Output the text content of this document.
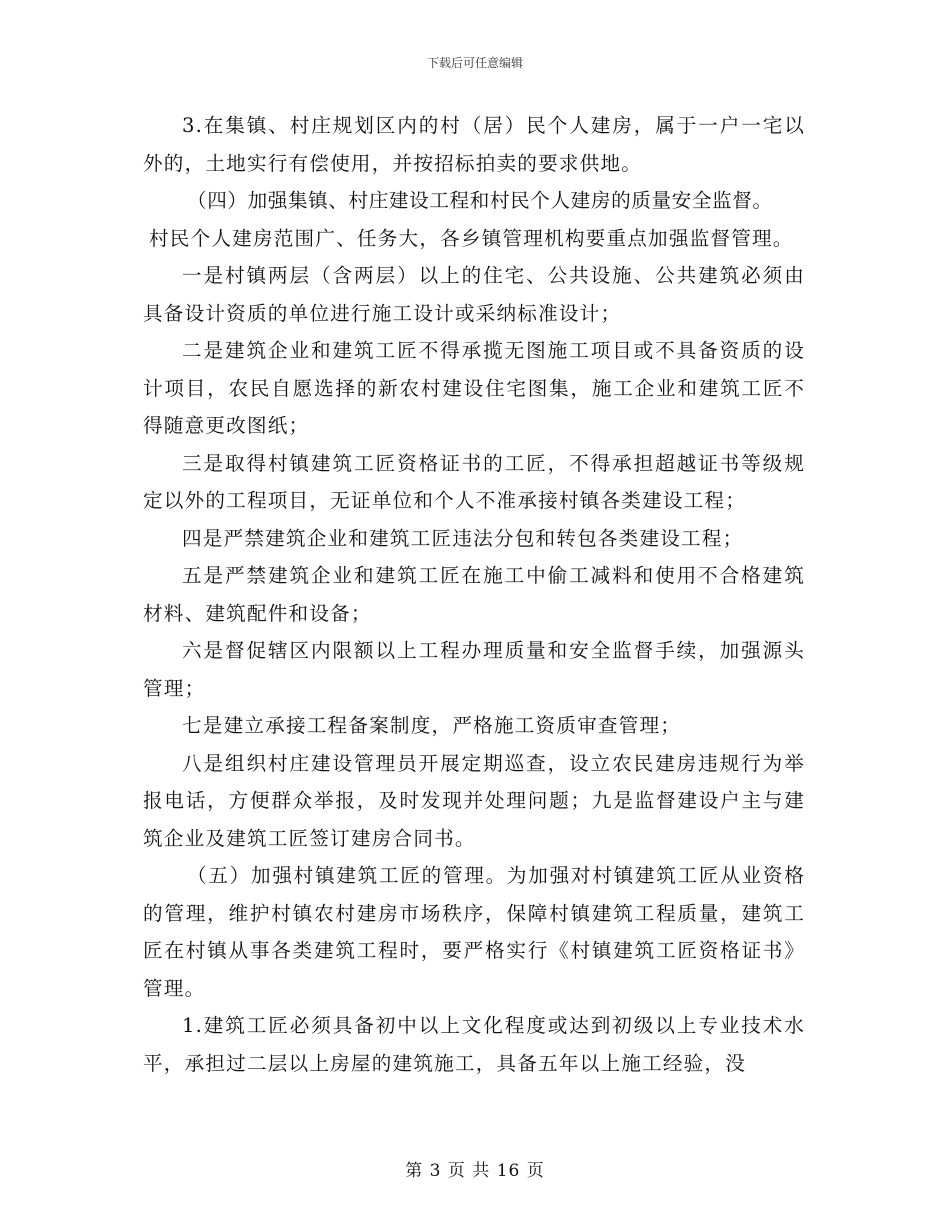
下载后可任意编辑

3.在集镇、村庄规划区内的村（居）民个人建房，属于一户一宅以外的，土地实行有偿使用，并按招标拍卖的要求供地。

（四）加强集镇、村庄建设工程和村民个人建房的质量安全监督。

村民个人建房范围广、任务大，各乡镇管理机构要重点加强监督管理。

一是村镇两层（含两层）以上的住宅、公共设施、公共建筑必须由具备设计资质的单位进行施工设计或采纳标准设计；

二是建筑企业和建筑工匠不得承揽无图施工项目或不具备资质的设计项目，农民自愿选择的新农村建设住宅图集，施工企业和建筑工匠不得随意更改图纸；

三是取得村镇建筑工匠资格证书的工匠，不得承担超越证书等级规定以外的工程项目，无证单位和个人不准承接村镇各类建设工程；

四是严禁建筑企业和建筑工匠违法分包和转包各类建设工程；

五是严禁建筑企业和建筑工匠在施工中偷工减料和使用不合格建筑材料、建筑配件和设备；

六是督促辖区内限额以上工程办理质量和安全监督手续，加强源头管理；

七是建立承接工程备案制度，严格施工资质审查管理；

八是组织村庄建设管理员开展定期巡查，设立农民建房违规行为举报电话，方便群众举报，及时发现并处理问题；九是监督建设户主与建筑企业及建筑工匠签订建房合同书。

（五）加强村镇建筑工匠的管理。为加强对村镇建筑工匠从业资格的管理，维护村镇农村建房市场秩序，保障村镇建筑工程质量，建筑工匠在村镇从事各类建筑工程时，要严格实行《村镇建筑工匠资格证书》管理。

1.建筑工匠必须具备初中以上文化程度或达到初级以上专业技术水平，承担过二层以上房屋的建筑施工，具备五年以上施工经验，没

第 3 页 共 16 页
